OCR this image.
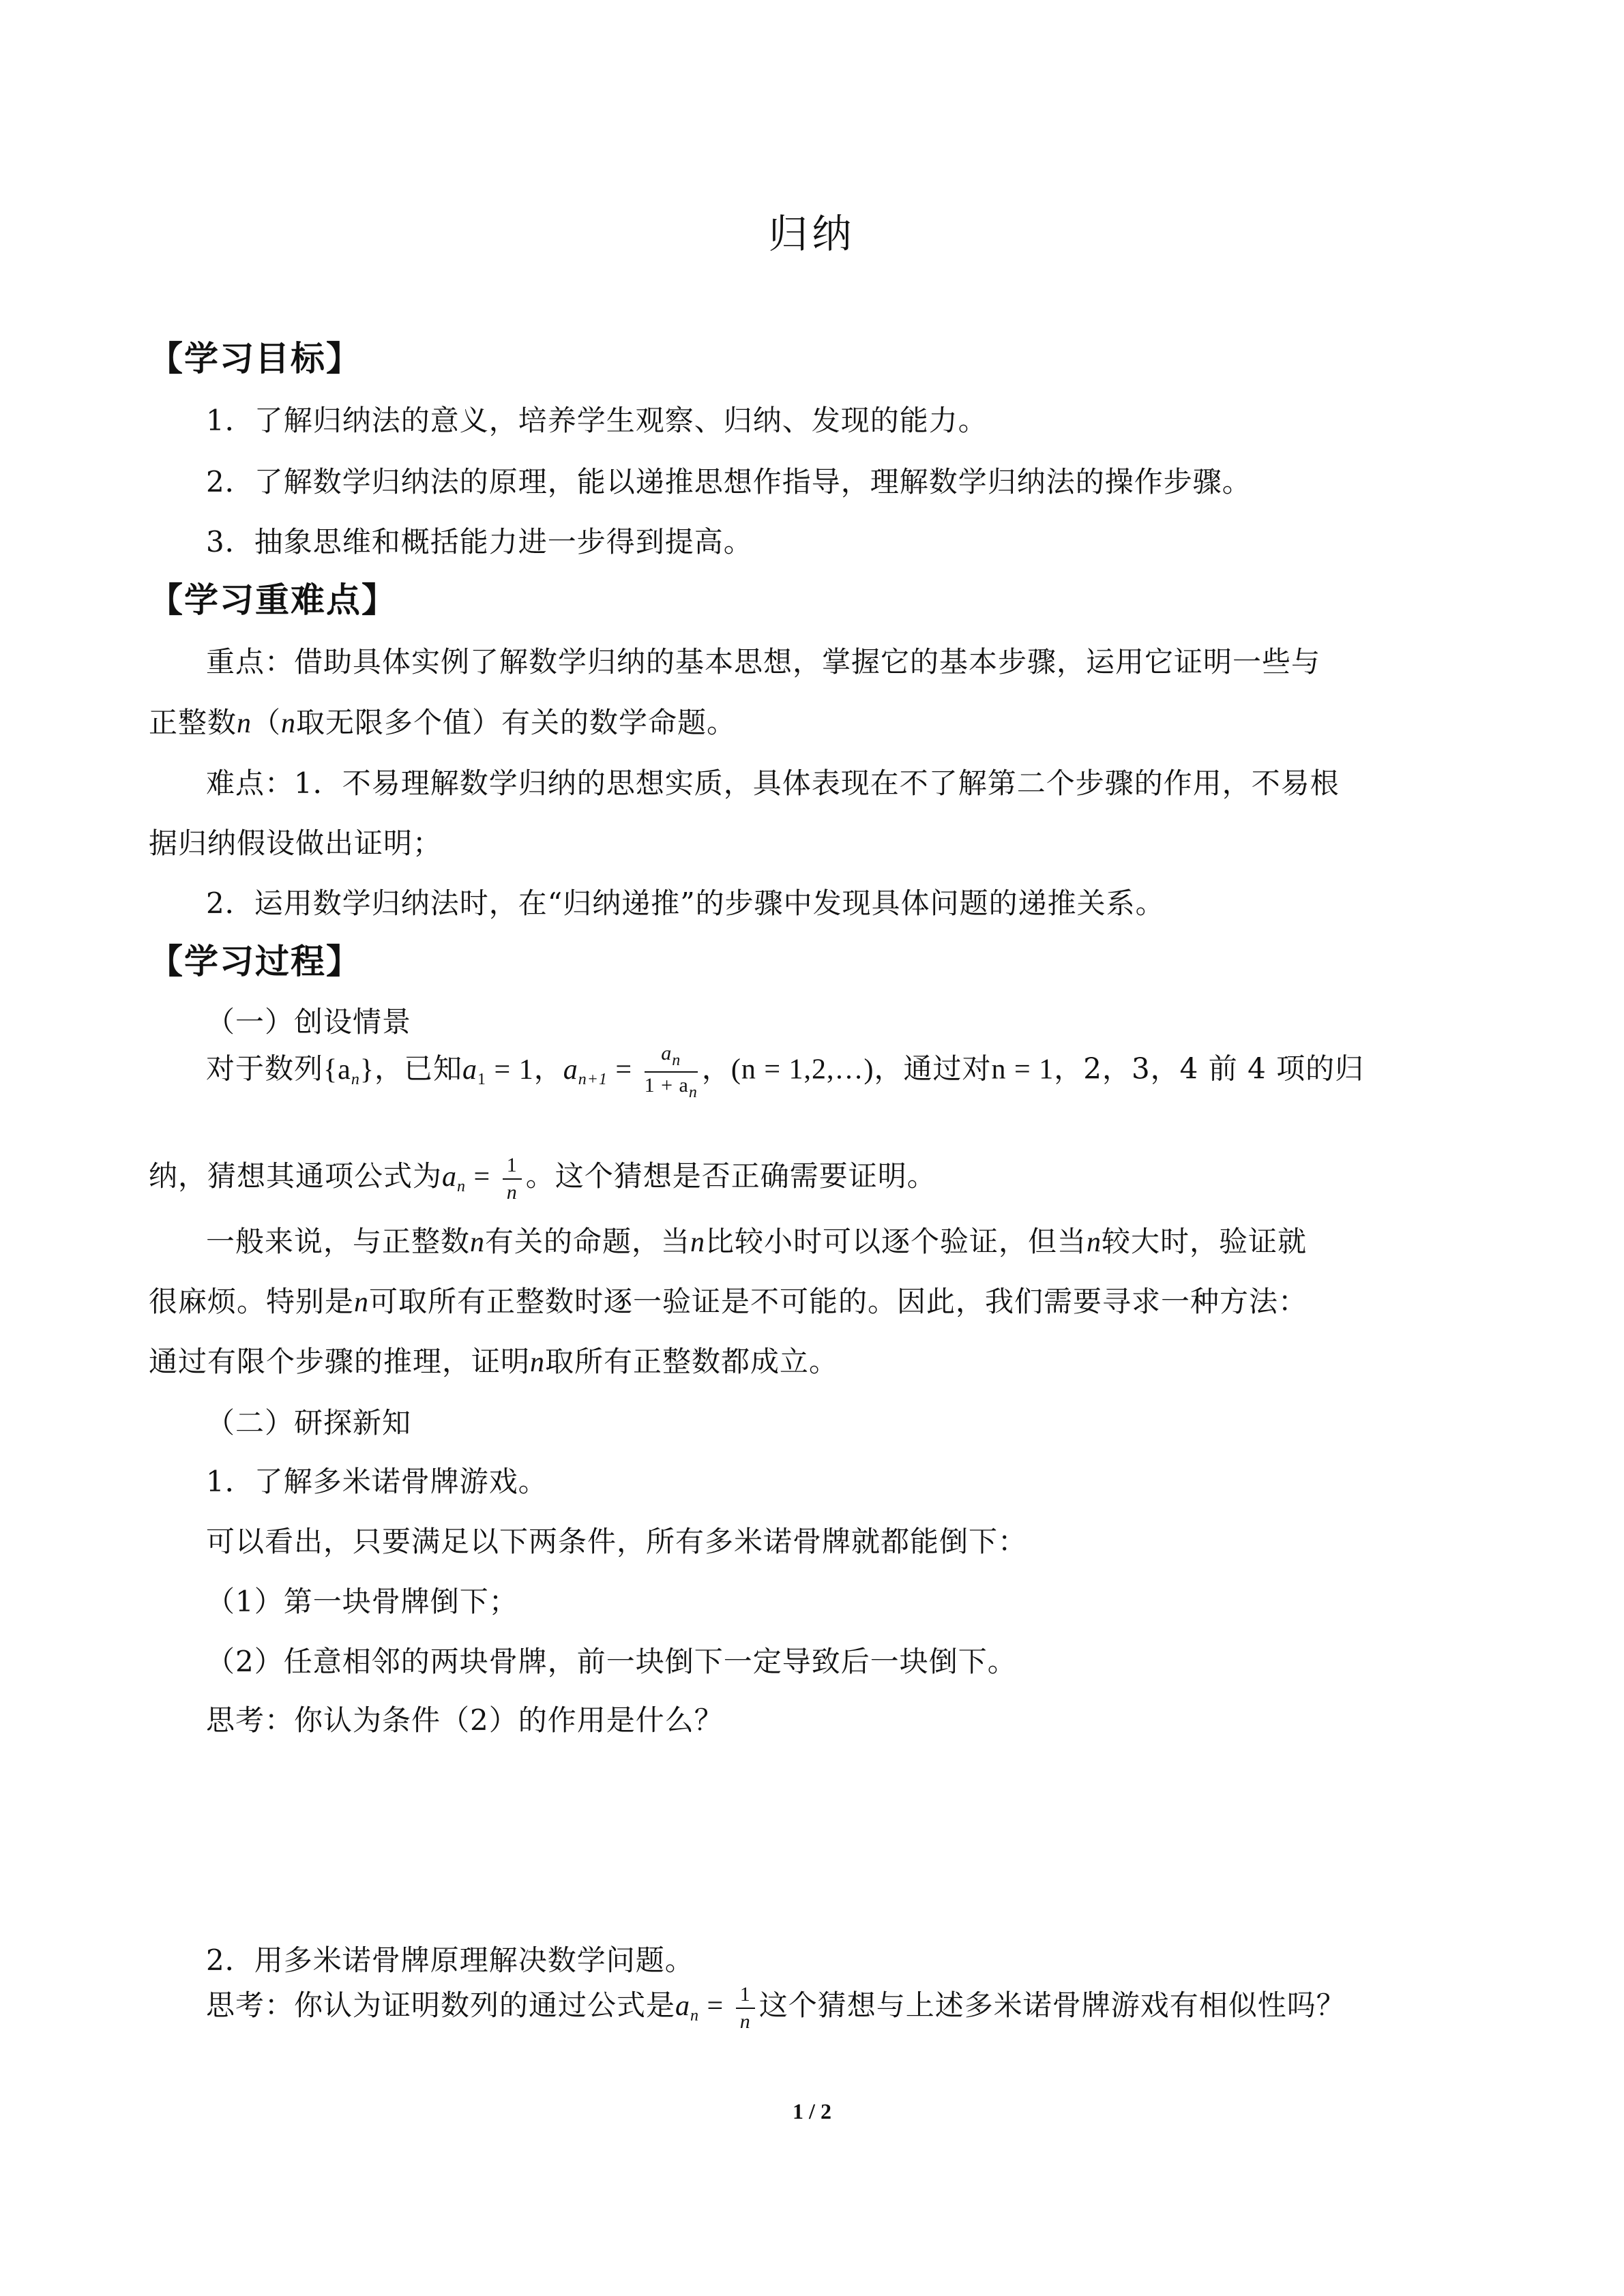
归纳
【学习目标】
1．了解归纳法的意义，培养学生观察、归纳、发现的能力。
2．了解数学归纳法的原理，能以递推思想作指导，理解数学归纳法的操作步骤。
3．抽象思维和概括能力进一步得到提高。
【学习重难点】
重点：借助具体实例了解数学归纳的基本思想，掌握它的基本步骤，运用它证明一些与
正整数n（n取无限多个值）有关的数学命题。
难点：1．不易理解数学归纳的思想实质，具体表现在不了解第二个步骤的作用，不易根
据归纳假设做出证明；
2．运用数学归纳法时，在“归纳递推”的步骤中发现具体问题的递推关系。
【学习过程】
（一）创设情景
对于数列$\{a_n\}$，已知$a_1 = 1$，$a_{n+1} = \frac{a_n}{1 + a_n}$ ，(n = 1,2,…)，通过对n = 1，2，3，4 前 4 项的归
纳，猜想其通项公式为$a_n = \frac{1}{n}$ 。这个猜想是否正确需要证明。
一般来说，与正整数n有关的命题，当n比较小时可以逐个验证，但当n较大时，验证就
很麻烦。特别是n可取所有正整数时逐一验证是不可能的。因此，我们需要寻求一种方法：
通过有限个步骤的推理，证明n取所有正整数都成立。
（二）研探新知
1．了解多米诺骨牌游戏。
可以看出，只要满足以下两条件，所有多米诺骨牌就都能倒下：
（1）第一块骨牌倒下；
（2）任意相邻的两块骨牌，前一块倒下一定导致后一块倒下。
思考：你认为条件（2）的作用是什么？
2．用多米诺骨牌原理解决数学问题。
思考：你认为证明数列的通过公式是$a_n = \frac{1}{n}$ 这个猜想与上述多米诺骨牌游戏有相似性吗？
1 / 2
